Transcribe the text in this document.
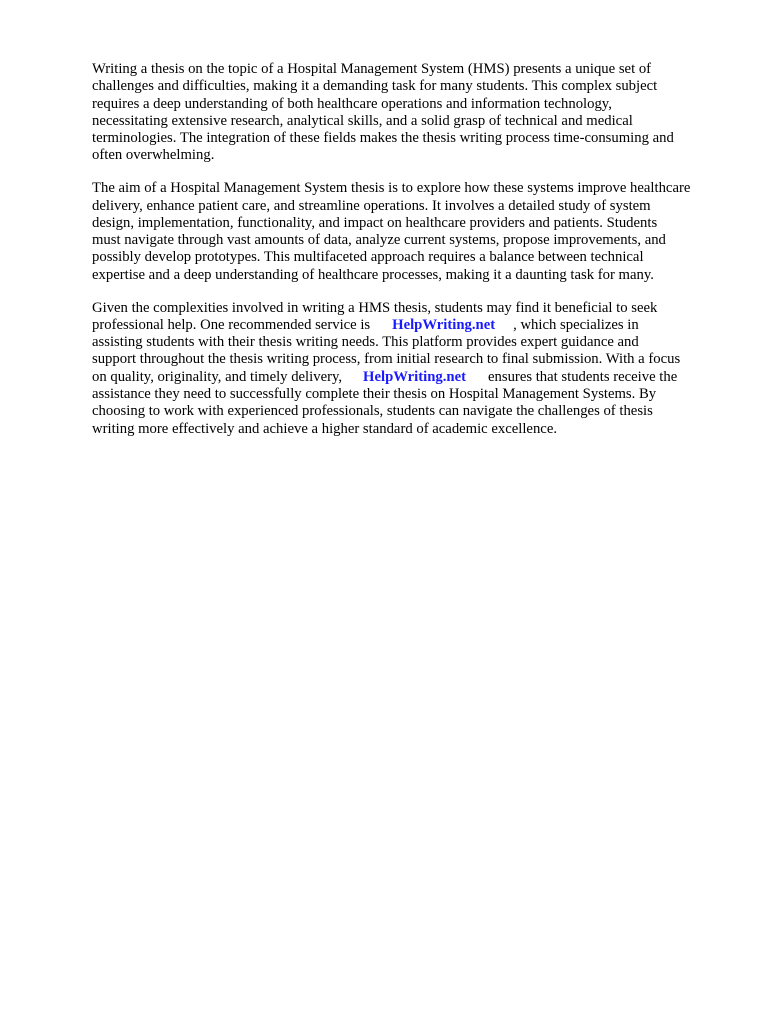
Writing a thesis on the topic of a Hospital Management System (HMS) presents a unique set of
challenges and difficulties, making it a demanding task for many students. This complex subject
requires a deep understanding of both healthcare operations and information technology,
necessitating extensive research, analytical skills, and a solid grasp of technical and medical
terminologies. The integration of these fields makes the thesis writing process time-consuming and
often overwhelming.

The aim of a Hospital Management System thesis is to explore how these systems improve healthcare
delivery, enhance patient care, and streamline operations. It involves a detailed study of system
design, implementation, functionality, and impact on healthcare providers and patients. Students
must navigate through vast amounts of data, analyze current systems, propose improvements, and
possibly develop prototypes. This multifaceted approach requires a balance between technical
expertise and a deep understanding of healthcare processes, making it a daunting task for many.

Given the complexities involved in writing a HMS thesis, students may find it beneficial to seek
professional help. One recommended service is HelpWriting.net , which specializes in
assisting students with their thesis writing needs. This platform provides expert guidance and
support throughout the thesis writing process, from initial research to final submission. With a focus
on quality, originality, and timely delivery, HelpWriting.net ensures that students receive the
assistance they need to successfully complete their thesis on Hospital Management Systems. By
choosing to work with experienced professionals, students can navigate the challenges of thesis
writing more effectively and achieve a higher standard of academic excellence.
